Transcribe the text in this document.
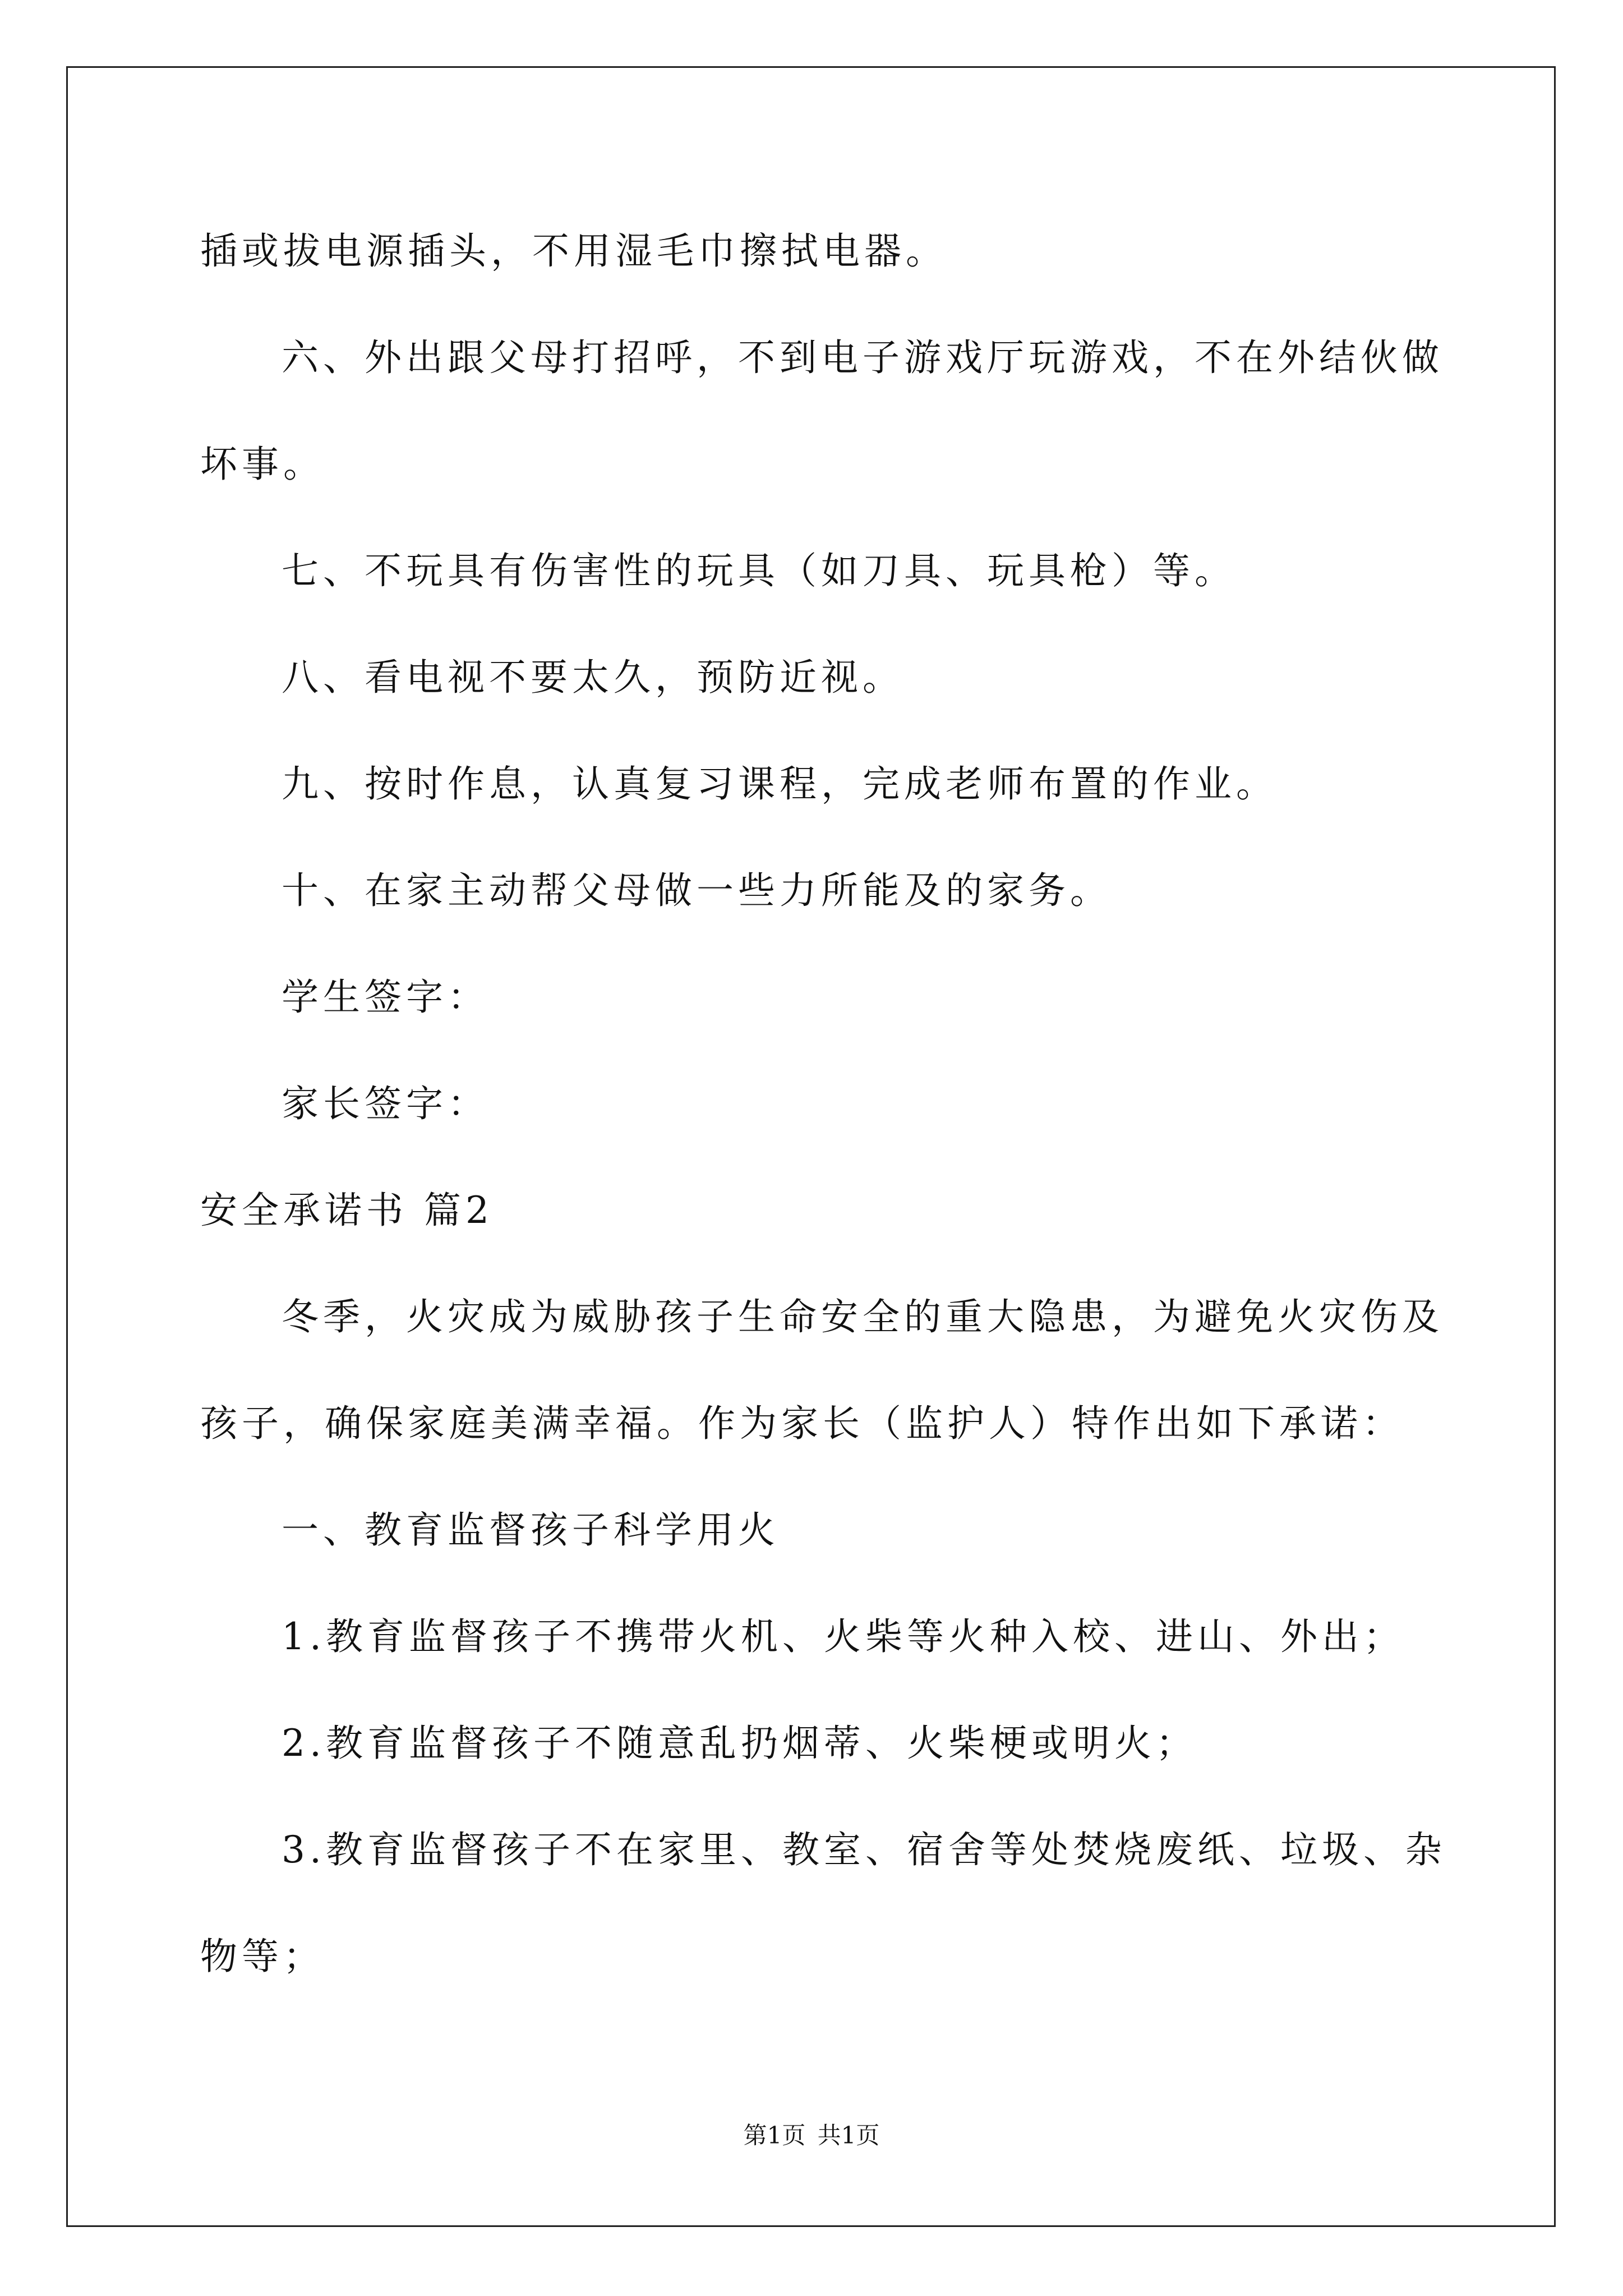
插或拔电源插头，不用湿毛巾擦拭电器。
六、外出跟父母打招呼，不到电子游戏厅玩游戏，不在外结伙做
坏事。
七、不玩具有伤害性的玩具（如刀具、玩具枪）等。
八、看电视不要太久，预防近视。
九、按时作息，认真复习课程，完成老师布置的作业。
十、在家主动帮父母做一些力所能及的家务。
学生签字：
家长签字：
安全承诺书 篇2
冬季，火灾成为威胁孩子生命安全的重大隐患，为避免火灾伤及
孩子，确保家庭美满幸福。作为家长（监护人）特作出如下承诺：
一、教育监督孩子科学用火
1.教育监督孩子不携带火机、火柴等火种入校、进山、外出；
2.教育监督孩子不随意乱扔烟蒂、火柴梗或明火；
3.教育监督孩子不在家里、教室、宿舍等处焚烧废纸、垃圾、杂
物等；
第1页 共1页
